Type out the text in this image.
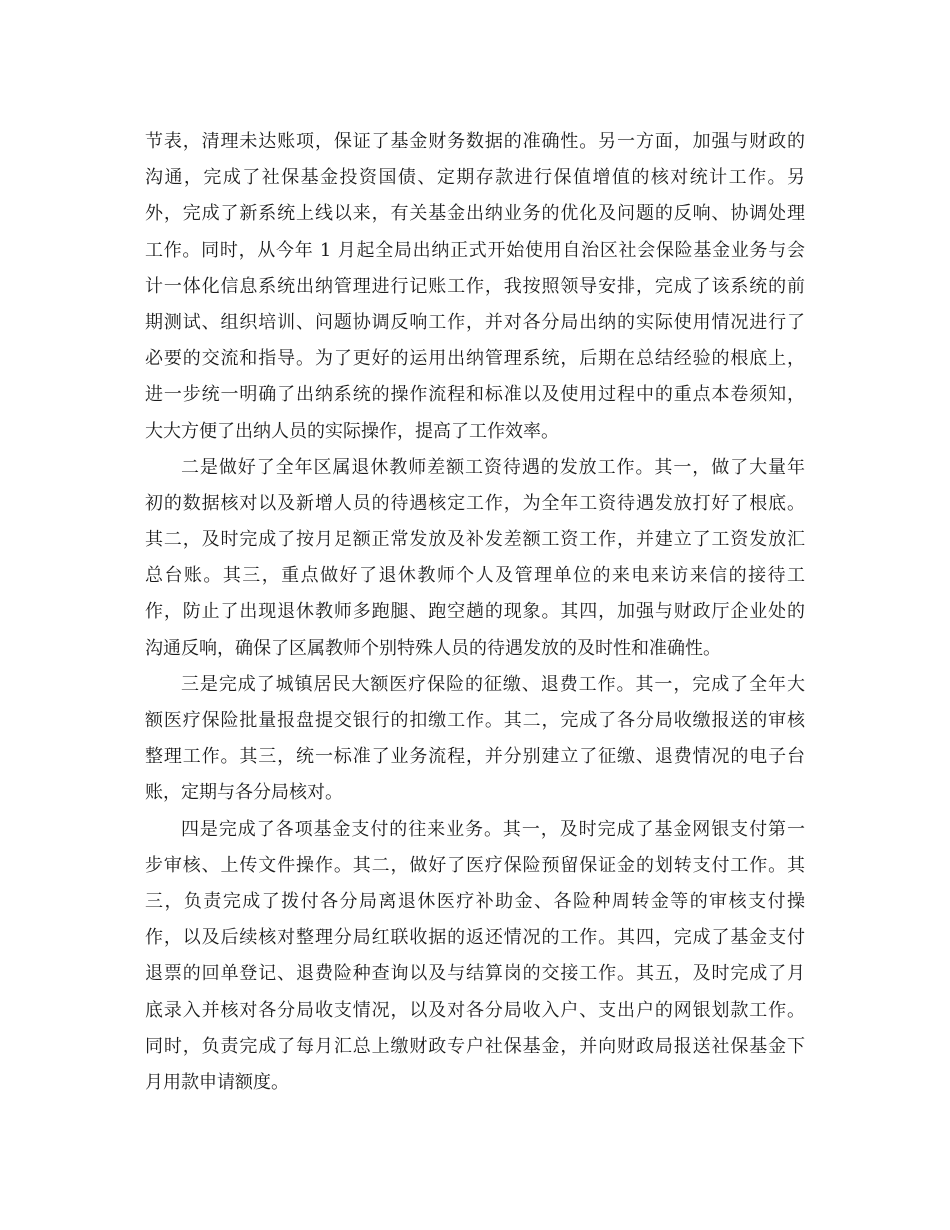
节表，清理未达账项，保证了基金财务数据的准确性。另一方面，加强与财政的
沟通，完成了社保基金投资国债、定期存款进行保值增值的核对统计工作。另
外，完成了新系统上线以来，有关基金出纳业务的优化及问题的反响、协调处理
工作。同时，从今年 1 月起全局出纳正式开始使用自治区社会保险基金业务与会
计一体化信息系统出纳管理进行记账工作，我按照领导安排，完成了该系统的前
期测试、组织培训、问题协调反响工作，并对各分局出纳的实际使用情况进行了
必要的交流和指导。为了更好的运用出纳管理系统，后期在总结经验的根底上，
进一步统一明确了出纳系统的操作流程和标准以及使用过程中的重点本卷须知，
大大方便了出纳人员的实际操作，提高了工作效率。
二是做好了全年区属退休教师差额工资待遇的发放工作。其一，做了大量年
初的数据核对以及新增人员的待遇核定工作，为全年工资待遇发放打好了根底。
其二，及时完成了按月足额正常发放及补发差额工资工作，并建立了工资发放汇
总台账。其三，重点做好了退休教师个人及管理单位的来电来访来信的接待工
作，防止了出现退休教师多跑腿、跑空趟的现象。其四，加强与财政厅企业处的
沟通反响，确保了区属教师个别特殊人员的待遇发放的及时性和准确性。
三是完成了城镇居民大额医疗保险的征缴、退费工作。其一，完成了全年大
额医疗保险批量报盘提交银行的扣缴工作。其二，完成了各分局收缴报送的审核
整理工作。其三，统一标准了业务流程，并分别建立了征缴、退费情况的电子台
账，定期与各分局核对。
四是完成了各项基金支付的往来业务。其一，及时完成了基金网银支付第一
步审核、上传文件操作。其二，做好了医疗保险预留保证金的划转支付工作。其
三，负责完成了拨付各分局离退休医疗补助金、各险种周转金等的审核支付操
作，以及后续核对整理分局红联收据的返还情况的工作。其四，完成了基金支付
退票的回单登记、退费险种查询以及与结算岗的交接工作。其五，及时完成了月
底录入并核对各分局收支情况，以及对各分局收入户、支出户的网银划款工作。
同时，负责完成了每月汇总上缴财政专户社保基金，并向财政局报送社保基金下
月用款申请额度。
